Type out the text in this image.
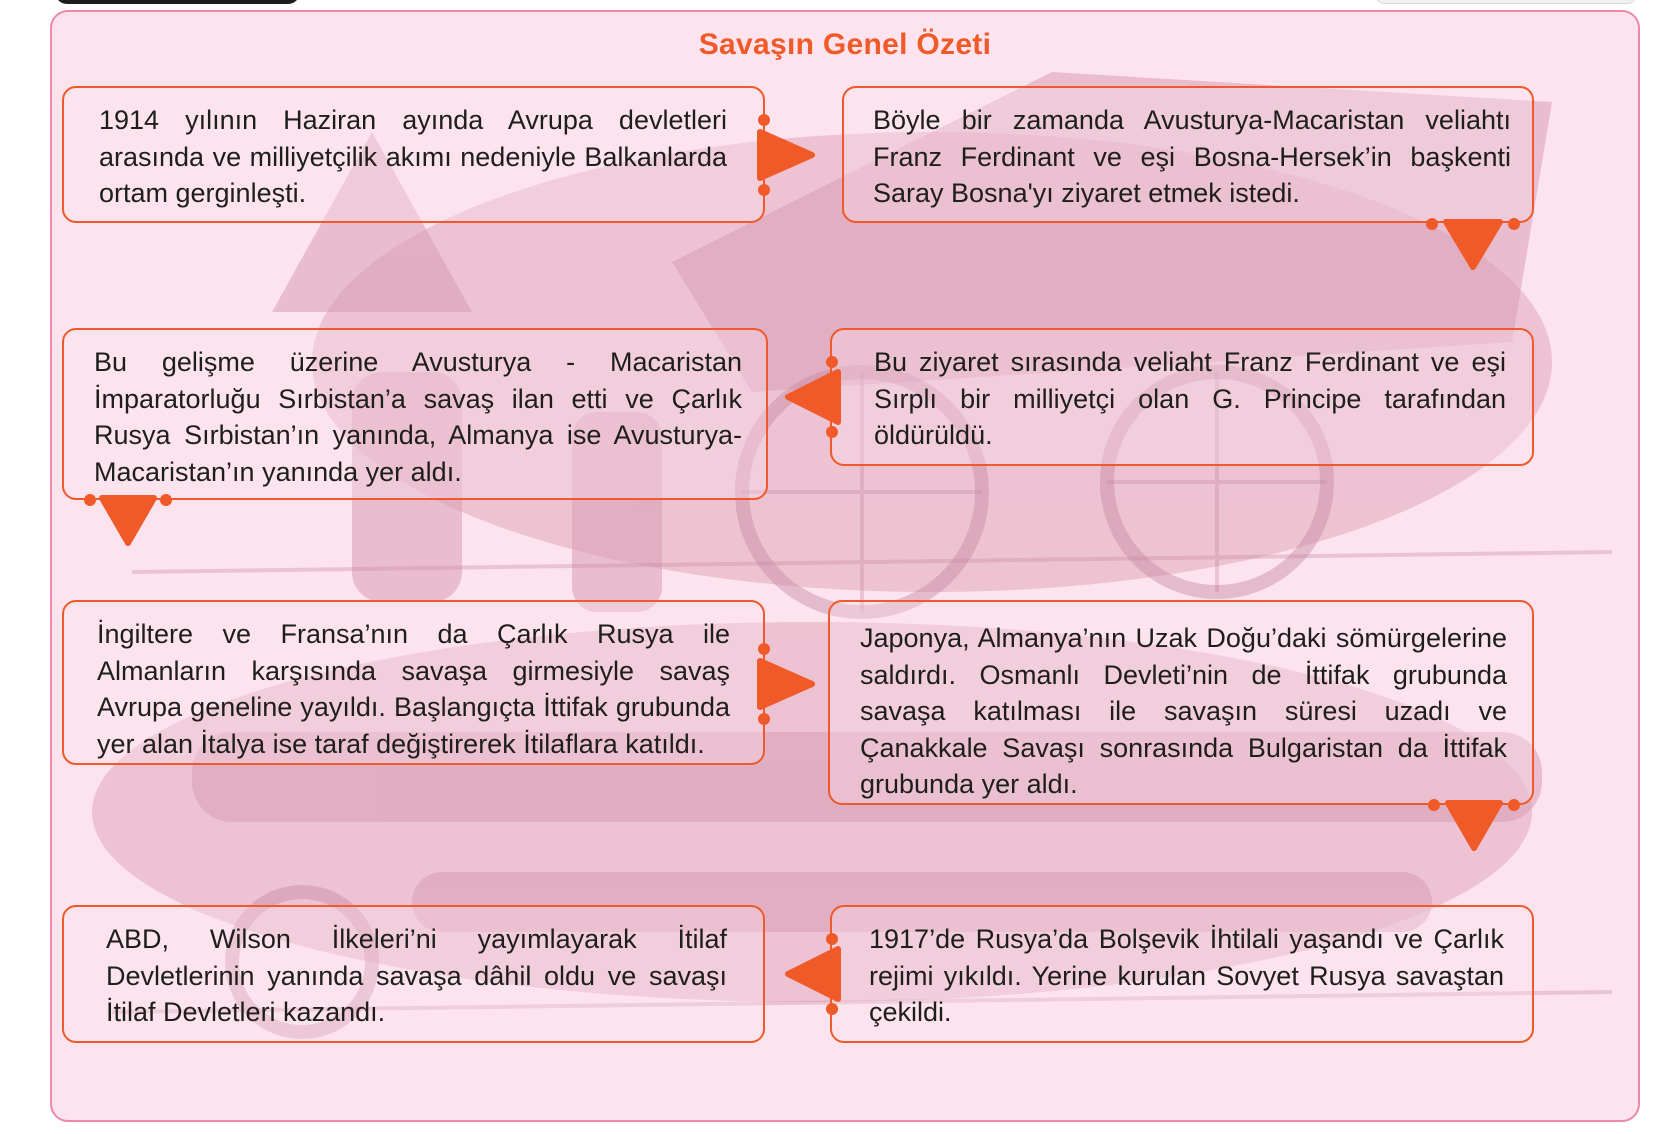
Savaşın Genel Özeti

1914 yılının Haziran ayında Avrupa devletleri arasında ve milliyetçilik akımı nedeniyle Balkanlarda ortam gerginleşti.

Böyle bir zamanda Avusturya-Macaristan veliahtı Franz Ferdinant ve eşi Bosna-Hersek’in başkenti Saray Bosna'yı ziyaret etmek istedi.

Bu ziyaret sırasında veliaht Franz Ferdinant ve eşi Sırplı bir milliyetçi olan G. Principe tarafından öldürüldü.

Bu gelişme üzerine Avusturya - Macaristan İmparatorluğu Sırbistan’a savaş ilan etti ve Çarlık Rusya Sırbistan’ın yanında, Almanya ise Avusturya-Macaristan’ın yanında yer aldı.

İngiltere ve Fransa’nın da Çarlık Rusya ile Almanların karşısında savaşa girmesiyle savaş Avrupa geneline yayıldı. Başlangıçta İttifak grubunda yer alan İtalya ise taraf değiştirerek İtilaflara katıldı.

Japonya, Almanya’nın Uzak Doğu’daki sömürgelerine saldırdı. Osmanlı Devleti’nin de İttifak grubunda savaşa katılması ile savaşın süresi uzadı ve Çanakkale Savaşı sonrasında Bulgaristan da İttifak grubunda yer aldı.

1917’de Rusya’da Bolşevik İhtilali yaşandı ve Çarlık rejimi yıkıldı. Yerine kurulan Sovyet Rusya savaştan çekildi.

ABD, Wilson İlkeleri’ni yayımlayarak İtilaf Devletlerinin yanında savaşa dâhil oldu ve savaşı İtilaf Devletleri kazandı.
